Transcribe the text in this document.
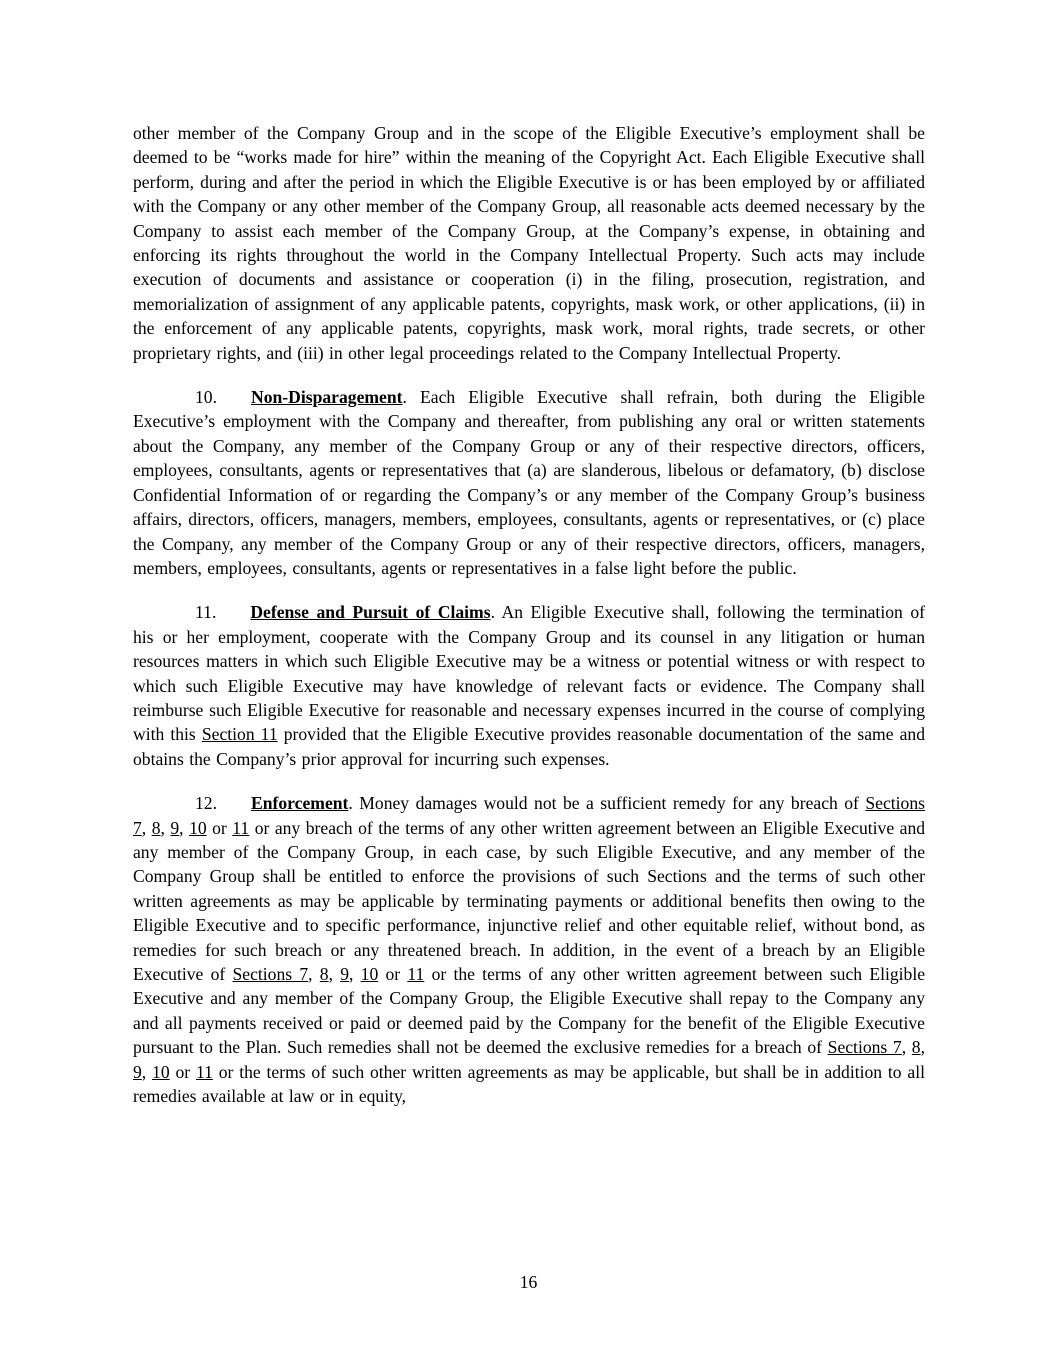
other member of the Company Group and in the scope of the Eligible Executive’s employment shall be deemed to be “works made for hire” within the meaning of the Copyright Act. Each Eligible Executive shall perform, during and after the period in which the Eligible Executive is or has been employed by or affiliated with the Company or any other member of the Company Group, all reasonable acts deemed necessary by the Company to assist each member of the Company Group, at the Company’s expense, in obtaining and enforcing its rights throughout the world in the Company Intellectual Property. Such acts may include execution of documents and assistance or cooperation (i) in the filing, prosecution, registration, and memorialization of assignment of any applicable patents, copyrights, mask work, or other applications, (ii) in the enforcement of any applicable patents, copyrights, mask work, moral rights, trade secrets, or other proprietary rights, and (iii) in other legal proceedings related to the Company Intellectual Property.

10. Non-Disparagement. Each Eligible Executive shall refrain, both during the Eligible Executive’s employment with the Company and thereafter, from publishing any oral or written statements about the Company, any member of the Company Group or any of their respective directors, officers, employees, consultants, agents or representatives that (a) are slanderous, libelous or defamatory, (b) disclose Confidential Information of or regarding the Company’s or any member of the Company Group’s business affairs, directors, officers, managers, members, employees, consultants, agents or representatives, or (c) place the Company, any member of the Company Group or any of their respective directors, officers, managers, members, employees, consultants, agents or representatives in a false light before the public.

11. Defense and Pursuit of Claims. An Eligible Executive shall, following the termination of his or her employment, cooperate with the Company Group and its counsel in any litigation or human resources matters in which such Eligible Executive may be a witness or potential witness or with respect to which such Eligible Executive may have knowledge of relevant facts or evidence. The Company shall reimburse such Eligible Executive for reasonable and necessary expenses incurred in the course of complying with this Section 11 provided that the Eligible Executive provides reasonable documentation of the same and obtains the Company’s prior approval for incurring such expenses.

12. Enforcement. Money damages would not be a sufficient remedy for any breach of Sections 7, 8, 9, 10 or 11 or any breach of the terms of any other written agreement between an Eligible Executive and any member of the Company Group, in each case, by such Eligible Executive, and any member of the Company Group shall be entitled to enforce the provisions of such Sections and the terms of such other written agreements as may be applicable by terminating payments or additional benefits then owing to the Eligible Executive and to specific performance, injunctive relief and other equitable relief, without bond, as remedies for such breach or any threatened breach. In addition, in the event of a breach by an Eligible Executive of Sections 7, 8, 9, 10 or 11 or the terms of any other written agreement between such Eligible Executive and any member of the Company Group, the Eligible Executive shall repay to the Company any and all payments received or paid or deemed paid by the Company for the benefit of the Eligible Executive pursuant to the Plan. Such remedies shall not be deemed the exclusive remedies for a breach of Sections 7, 8, 9, 10 or 11 or the terms of such other written agreements as may be applicable, but shall be in addition to all remedies available at law or in equity,

16
